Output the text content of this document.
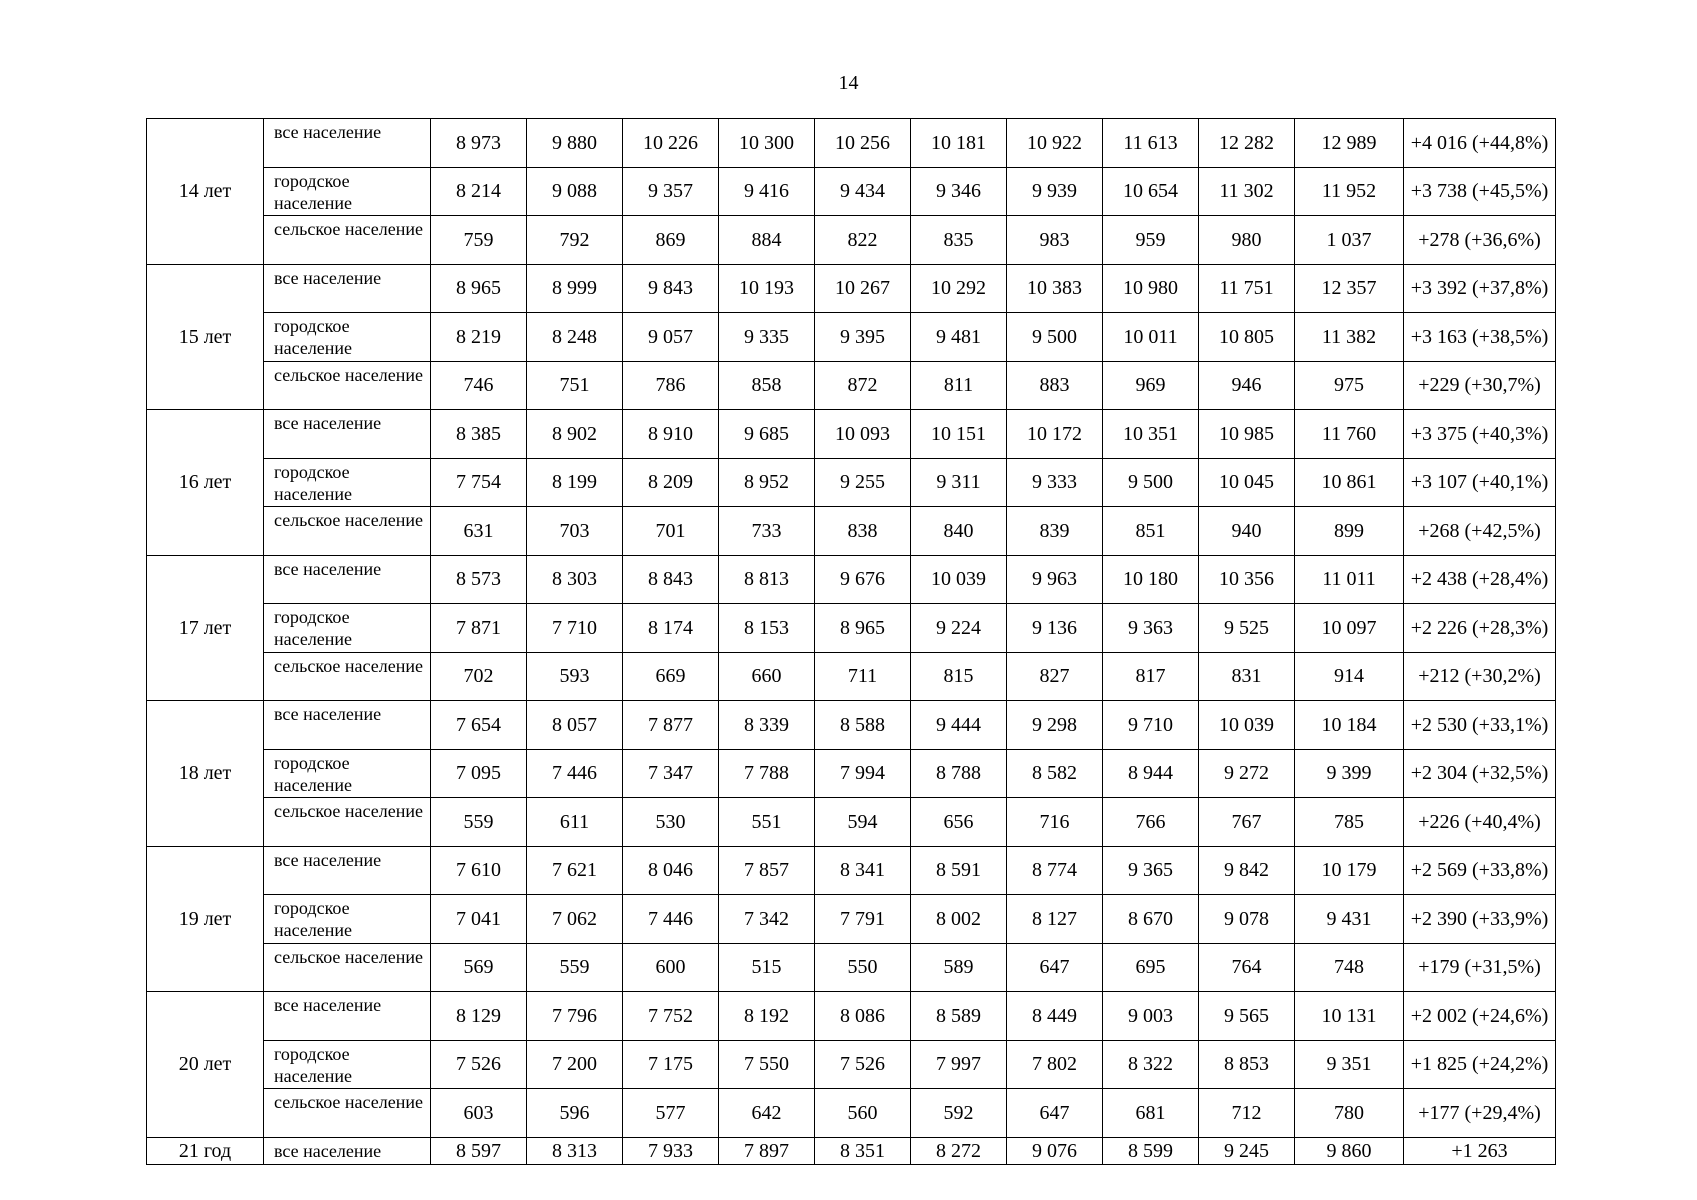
14
14 лет	все население	8 973	9 880	10 226	10 300	10 256	10 181	10 922	11 613	12 282	12 989	+4 016 (+44,8%)
	городское население	8 214	9 088	9 357	9 416	9 434	9 346	9 939	10 654	11 302	11 952	+3 738 (+45,5%)
	сельское население	759	792	869	884	822	835	983	959	980	1 037	+278 (+36,6%)
15 лет	все население	8 965	8 999	9 843	10 193	10 267	10 292	10 383	10 980	11 751	12 357	+3 392 (+37,8%)
	городское население	8 219	8 248	9 057	9 335	9 395	9 481	9 500	10 011	10 805	11 382	+3 163 (+38,5%)
	сельское население	746	751	786	858	872	811	883	969	946	975	+229 (+30,7%)
16 лет	все население	8 385	8 902	8 910	9 685	10 093	10 151	10 172	10 351	10 985	11 760	+3 375 (+40,3%)
	городское население	7 754	8 199	8 209	8 952	9 255	9 311	9 333	9 500	10 045	10 861	+3 107 (+40,1%)
	сельское население	631	703	701	733	838	840	839	851	940	899	+268 (+42,5%)
17 лет	все население	8 573	8 303	8 843	8 813	9 676	10 039	9 963	10 180	10 356	11 011	+2 438 (+28,4%)
	городское население	7 871	7 710	8 174	8 153	8 965	9 224	9 136	9 363	9 525	10 097	+2 226 (+28,3%)
	сельское население	702	593	669	660	711	815	827	817	831	914	+212 (+30,2%)
18 лет	все население	7 654	8 057	7 877	8 339	8 588	9 444	9 298	9 710	10 039	10 184	+2 530 (+33,1%)
	городское население	7 095	7 446	7 347	7 788	7 994	8 788	8 582	8 944	9 272	9 399	+2 304 (+32,5%)
	сельское население	559	611	530	551	594	656	716	766	767	785	+226 (+40,4%)
19 лет	все население	7 610	7 621	8 046	7 857	8 341	8 591	8 774	9 365	9 842	10 179	+2 569 (+33,8%)
	городское население	7 041	7 062	7 446	7 342	7 791	8 002	8 127	8 670	9 078	9 431	+2 390 (+33,9%)
	сельское население	569	559	600	515	550	589	647	695	764	748	+179 (+31,5%)
20 лет	все население	8 129	7 796	7 752	8 192	8 086	8 589	8 449	9 003	9 565	10 131	+2 002 (+24,6%)
	городское население	7 526	7 200	7 175	7 550	7 526	7 997	7 802	8 322	8 853	9 351	+1 825 (+24,2%)
	сельское население	603	596	577	642	560	592	647	681	712	780	+177 (+29,4%)
21 год	все население	8 597	8 313	7 933	7 897	8 351	8 272	9 076	8 599	9 245	9 860	+1 263
